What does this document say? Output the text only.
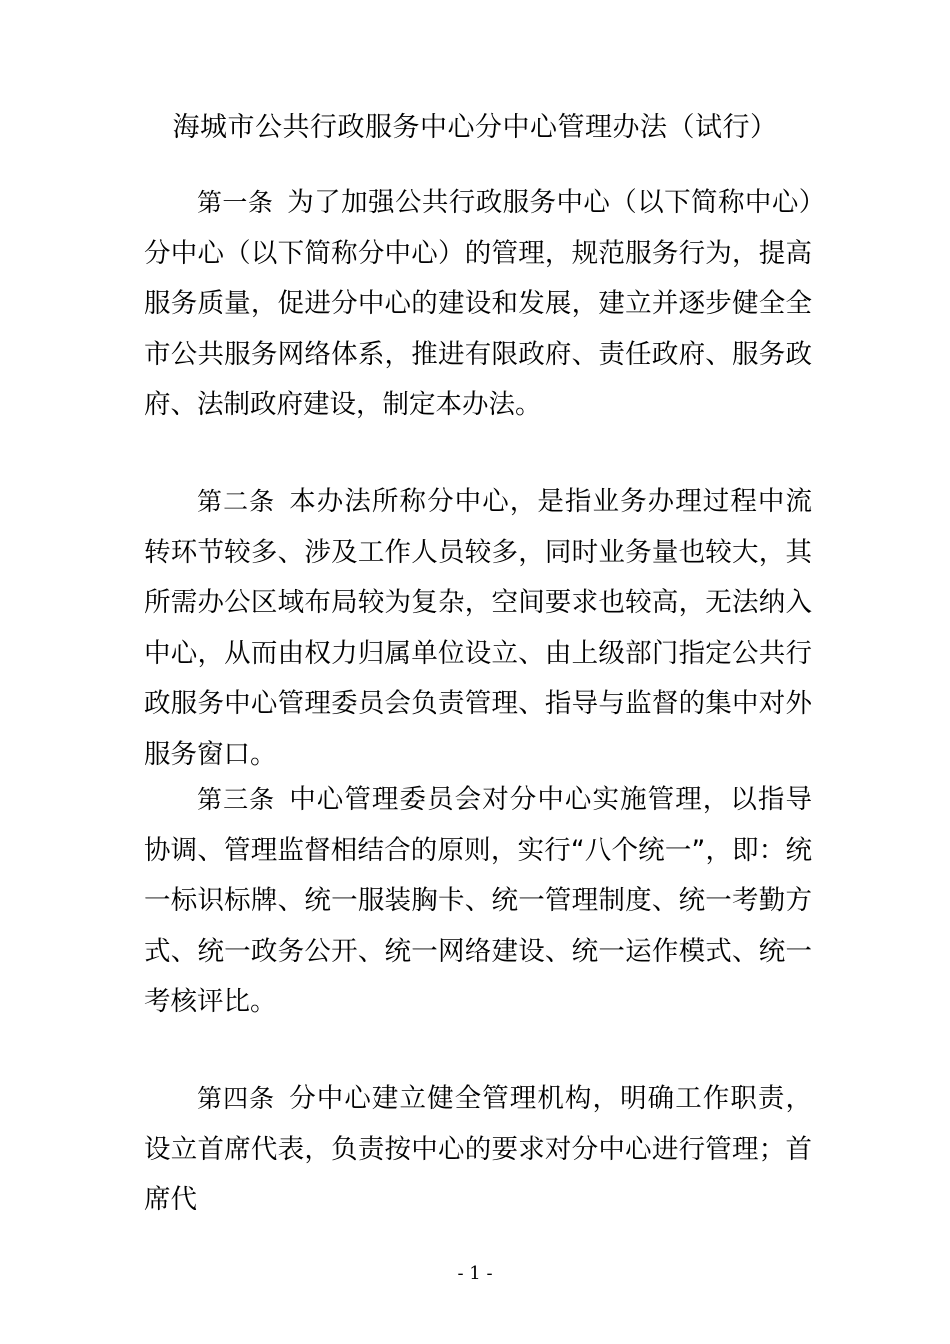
海城市公共行政服务中心分中心管理办法（试行）

第一条 为了加强公共行政服务中心（以下简称中心）分中心（以下简称分中心）的管理，规范服务行为，提高服务质量，促进分中心的建设和发展，建立并逐步健全全市公共服务网络体系，推进有限政府、责任政府、服务政府、法制政府建设，制定本办法。

第二条 本办法所称分中心，是指业务办理过程中流转环节较多、涉及工作人员较多，同时业务量也较大，其所需办公区域布局较为复杂，空间要求也较高，无法纳入中心，从而由权力归属单位设立、由上级部门指定公共行政服务中心管理委员会负责管理、指导与监督的集中对外服务窗口。

第三条 中心管理委员会对分中心实施管理，以指导协调、管理监督相结合的原则，实行“八个统一”，即：统一标识标牌、统一服装胸卡、统一管理制度、统一考勤方式、统一政务公开、统一网络建设、统一运作模式、统一考核评比。

第四条 分中心建立健全管理机构，明确工作职责，设立首席代表，负责按中心的要求对分中心进行管理；首席代

- 1 -
